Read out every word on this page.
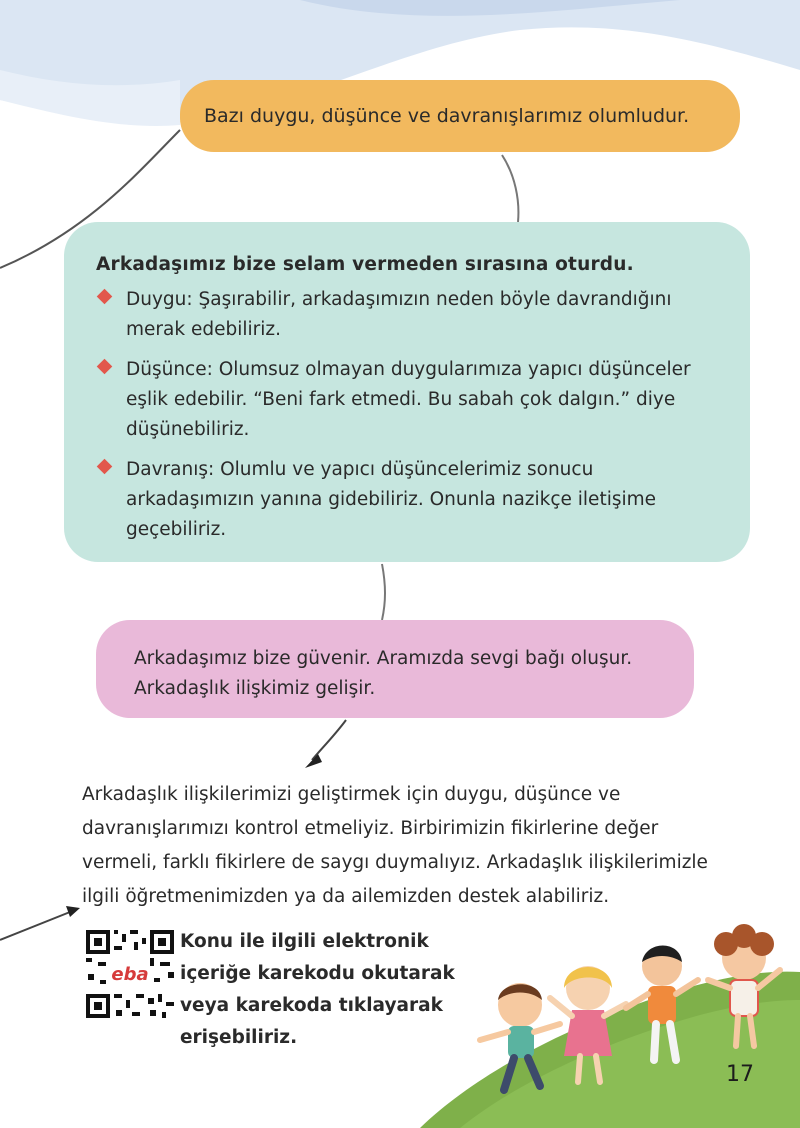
Bazı duygu, düşünce ve davranışlarımız olumludur.
Arkadaşımız bize selam vermeden sırasına oturdu.
Duygu: Şaşırabilir, arkadaşımızın neden böyle davrandığını merak edebiliriz.
Düşünce: Olumsuz olmayan duygularımıza yapıcı düşünceler eşlik edebilir. “Beni fark etmedi. Bu sabah çok dalgın.” diye düşünebiliriz.
Davranış: Olumlu ve yapıcı düşüncelerimiz sonucu arkadaşımızın yanına gidebiliriz. Onunla nazikçe iletişime geçebiliriz.
Arkadaşımız bize güvenir. Aramızda sevgi bağı oluşur. Arkadaşlık ilişkimiz gelişir.

Arkadaşlık ilişkilerimizi geliştirmek için duygu, düşünce ve davranışlarımızı kontrol etmeliyiz. Birbirimizin fikirlerine değer vermeli, farklı fikirlere de saygı duymalıyız. Arkadaşlık ilişkilerimizle ilgili öğretmenimizden ya da ailemizden destek alabiliriz.

eba
Konu ile ilgili elektronik içeriğe karekodu okutarak veya karekoda tıklayarak erişebiliriz.
17
